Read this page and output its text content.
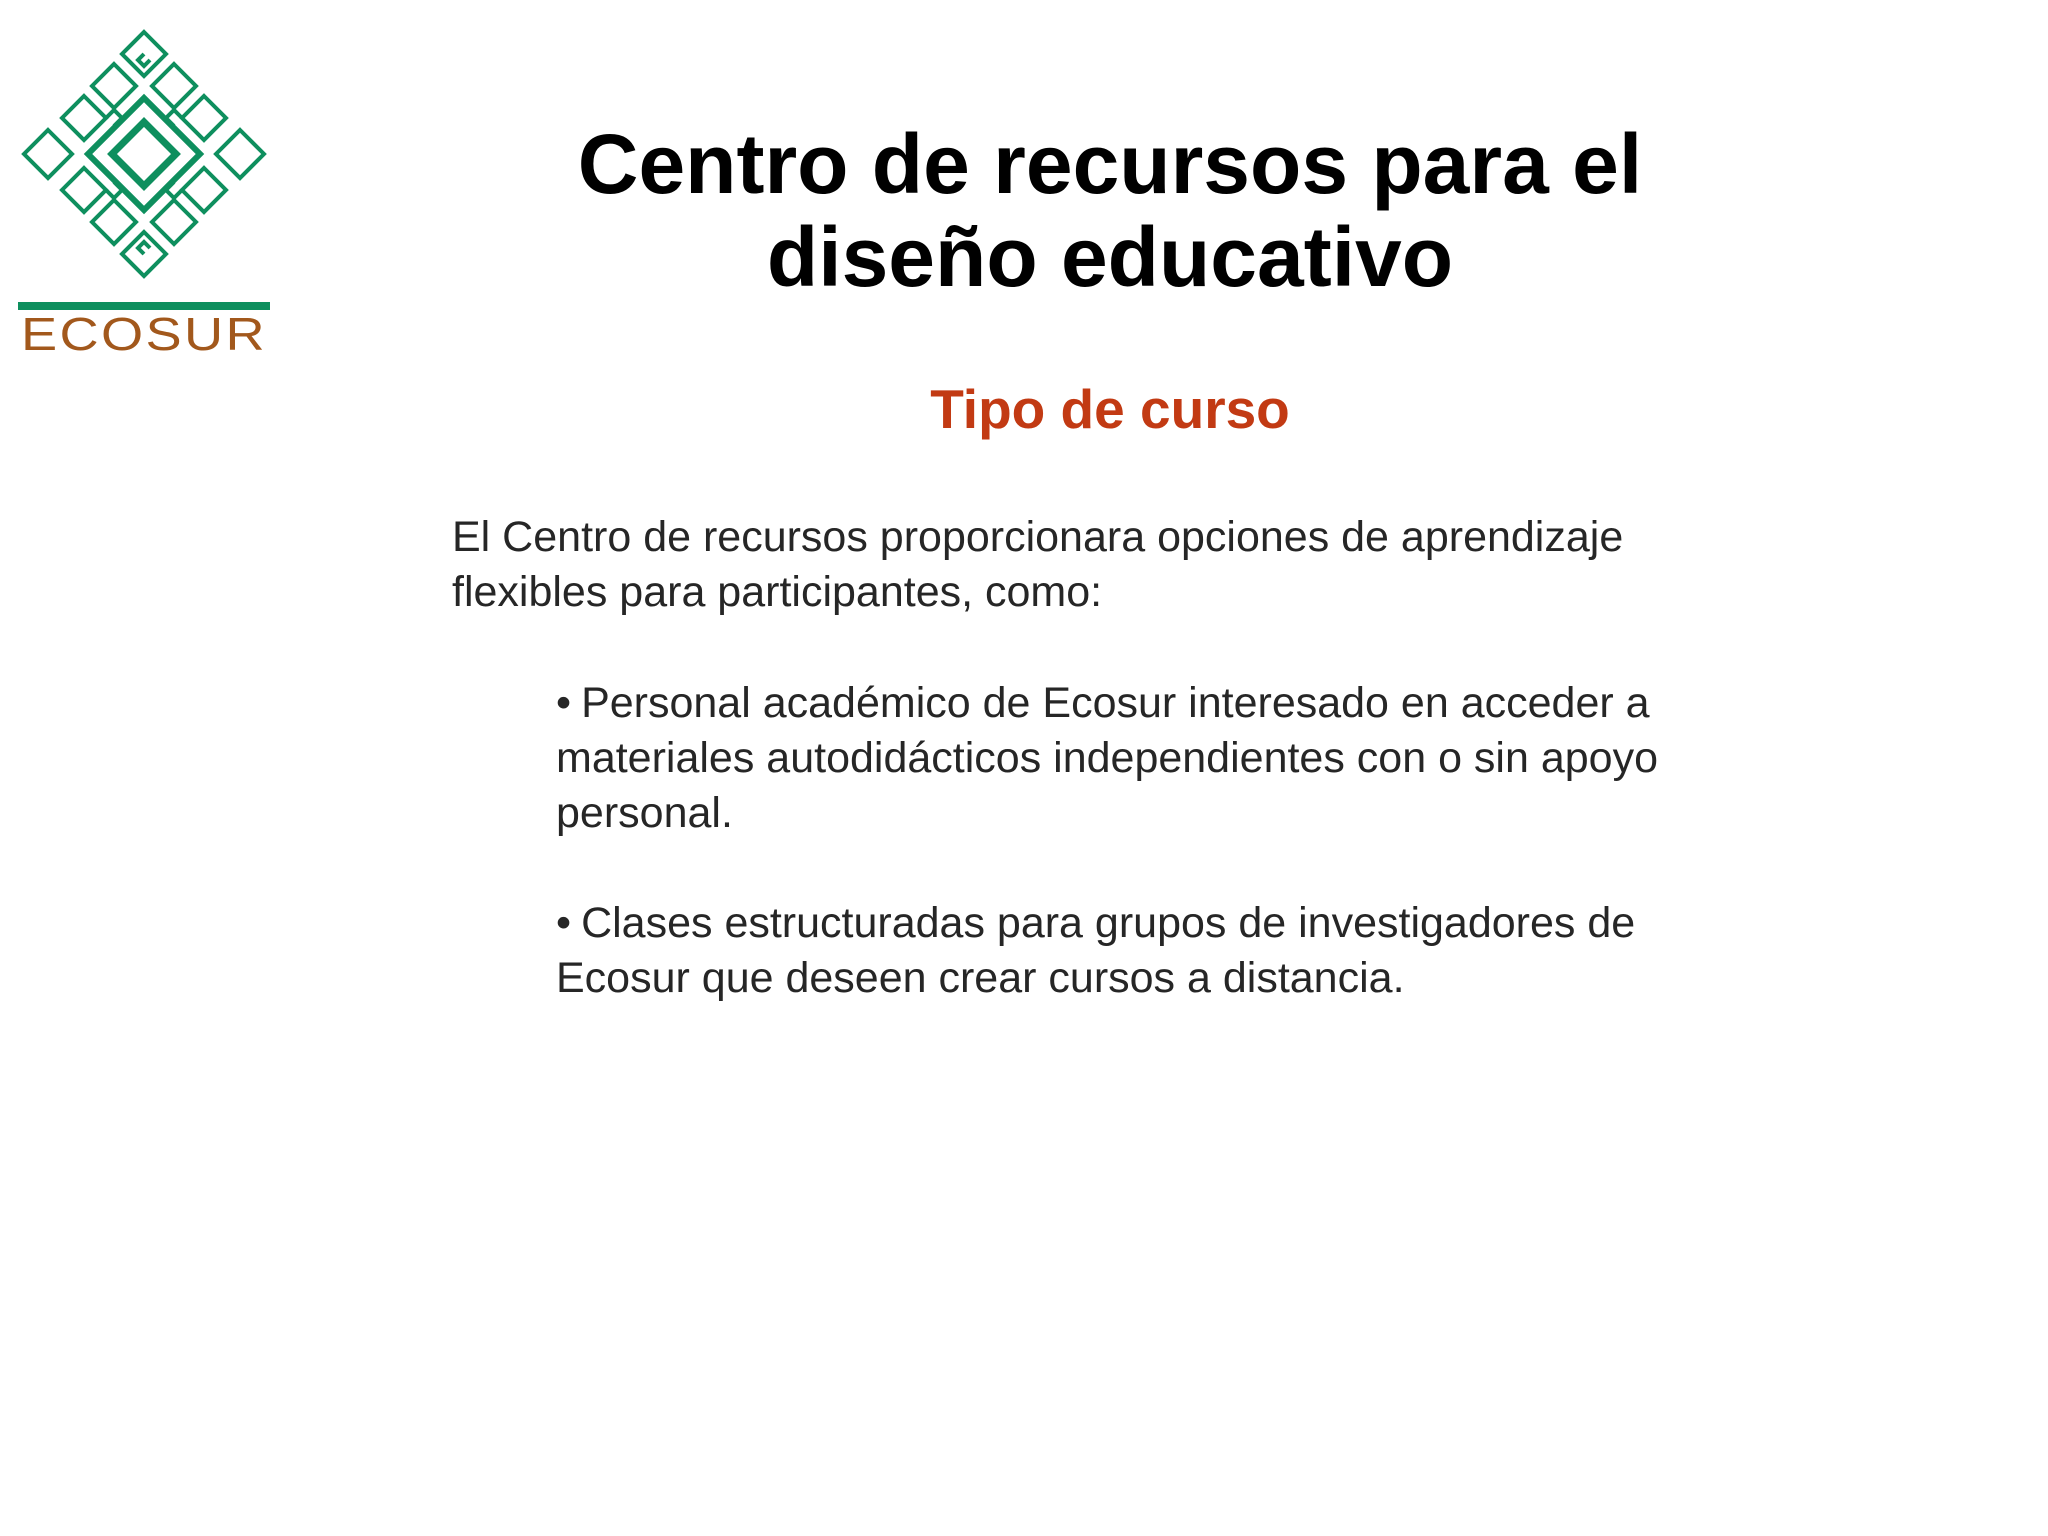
ECOSUR
Centro de recursos para el
diseño educativo
Tipo de curso

El Centro de recursos proporcionara opciones de aprendizaje
flexibles para participantes, como:

• Personal académico de Ecosur interesado en acceder a
materiales autodidácticos independientes con o sin apoyo
personal.

• Clases estructuradas para grupos de investigadores de
Ecosur que deseen crear cursos a distancia.
